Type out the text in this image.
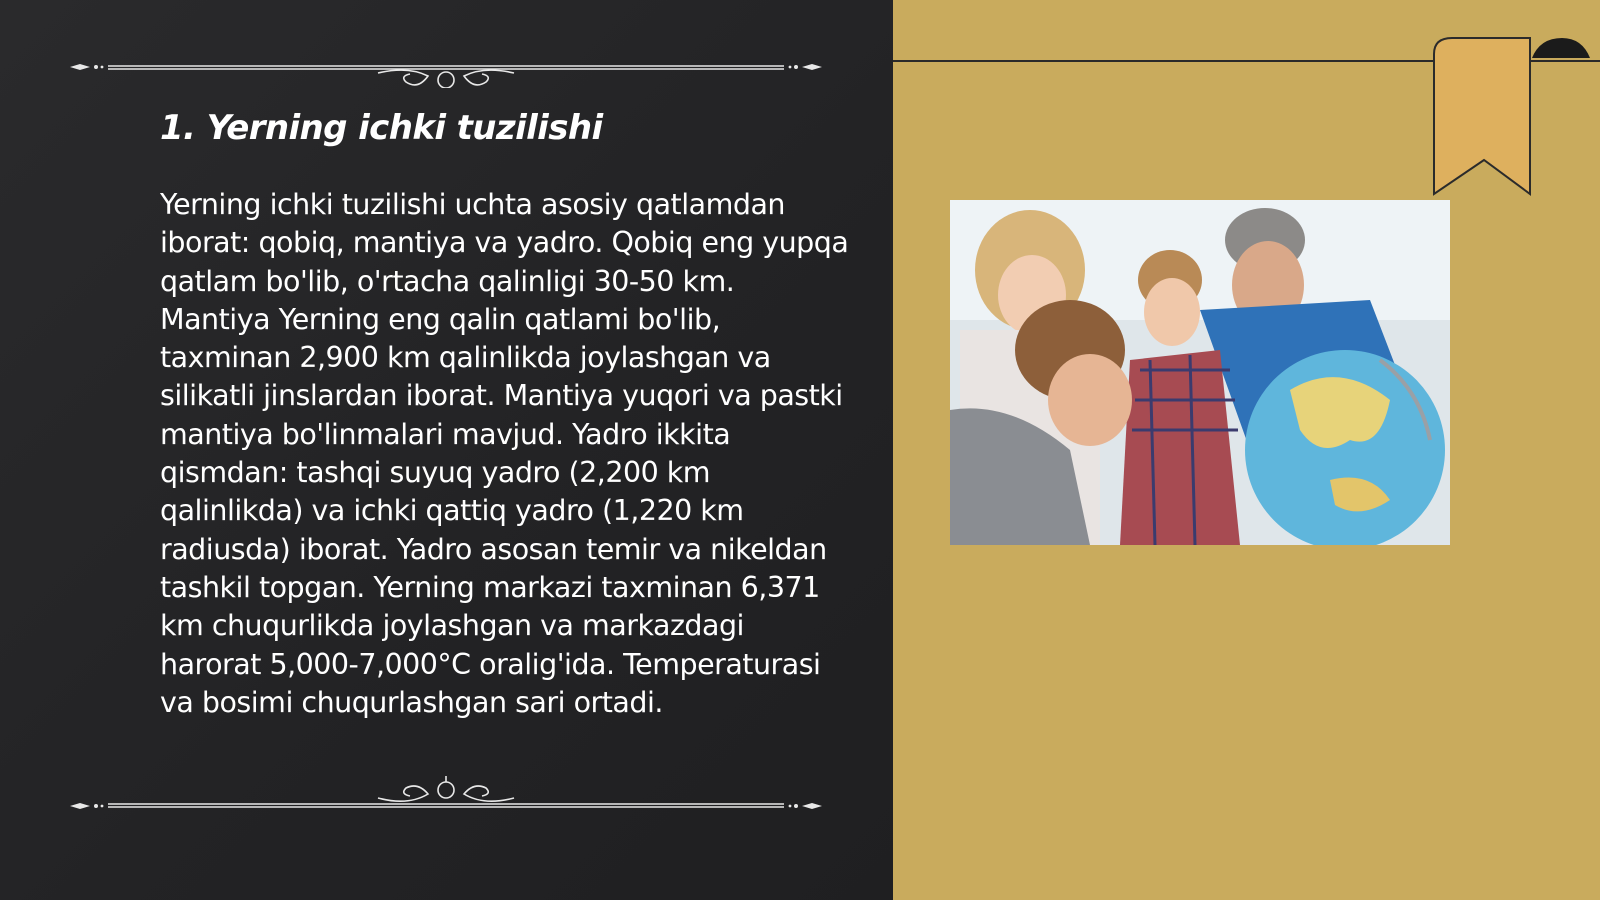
1. Yerning ichki tuzilishi
Yerning ichki tuzilishi uchta asosiy qatlamdan iborat: qobiq, mantiya va yadro. Qobiq eng yupqa qatlam bo'lib, o'rtacha qalinligi 30-50 km. Mantiya Yerning eng qalin qatlami bo'lib, taxminan 2,900 km qalinlikda joylashgan va silikatli jinslardan iborat. Mantiya yuqori va pastki mantiya bo'linmalari mavjud. Yadro ikkita qismdan: tashqi suyuq yadro (2,200 km qalinlikda) va ichki qattiq yadro (1,220 km radiusda) iborat. Yadro asosan temir va nikeldan tashkil topgan. Yerning markazi taxminan 6,371 km chuqurlikda joylashgan va markazdagi harorat 5,000-7,000°C oralig'ida. Temperaturasi va bosimi chuqurlashgan sari ortadi.
